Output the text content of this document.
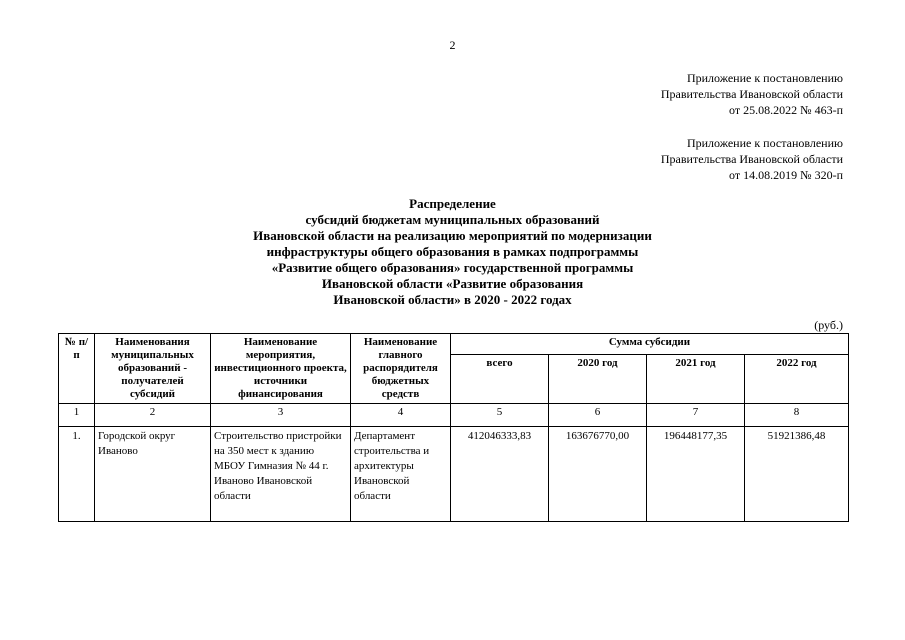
2
Приложение к постановлению
Правительства Ивановской области
от 25.08.2022 № 463-п
Приложение к постановлению
Правительства Ивановской области
от 14.08.2019 № 320-п
Распределение
субсидий бюджетам муниципальных образований
Ивановской области на реализацию мероприятий по модернизации
инфраструктуры общего образования в рамках подпрограммы
«Развитие общего образования» государственной программы
Ивановской области «Развитие образования
Ивановской области» в 2020 - 2022 годах
(руб.)
№ п/п	Наименования муниципальных образований - получателей субсидий	Наименование мероприятия, инвестиционного проекта, источники финансирования	Наименование главного распорядителя бюджетных средств	Сумма субсидии			
				всего	2020 год	2021 год	2022 год
1	2	3	4	5	6	7	8
1.	Городской округ Иваново	Строительство пристройки на 350 мест к зданию МБОУ Гимназия № 44 г. Иваново Ивановской области	Департамент строительства и архитектуры Ивановской области	412046333,83	163676770,00	196448177,35	51921386,48
